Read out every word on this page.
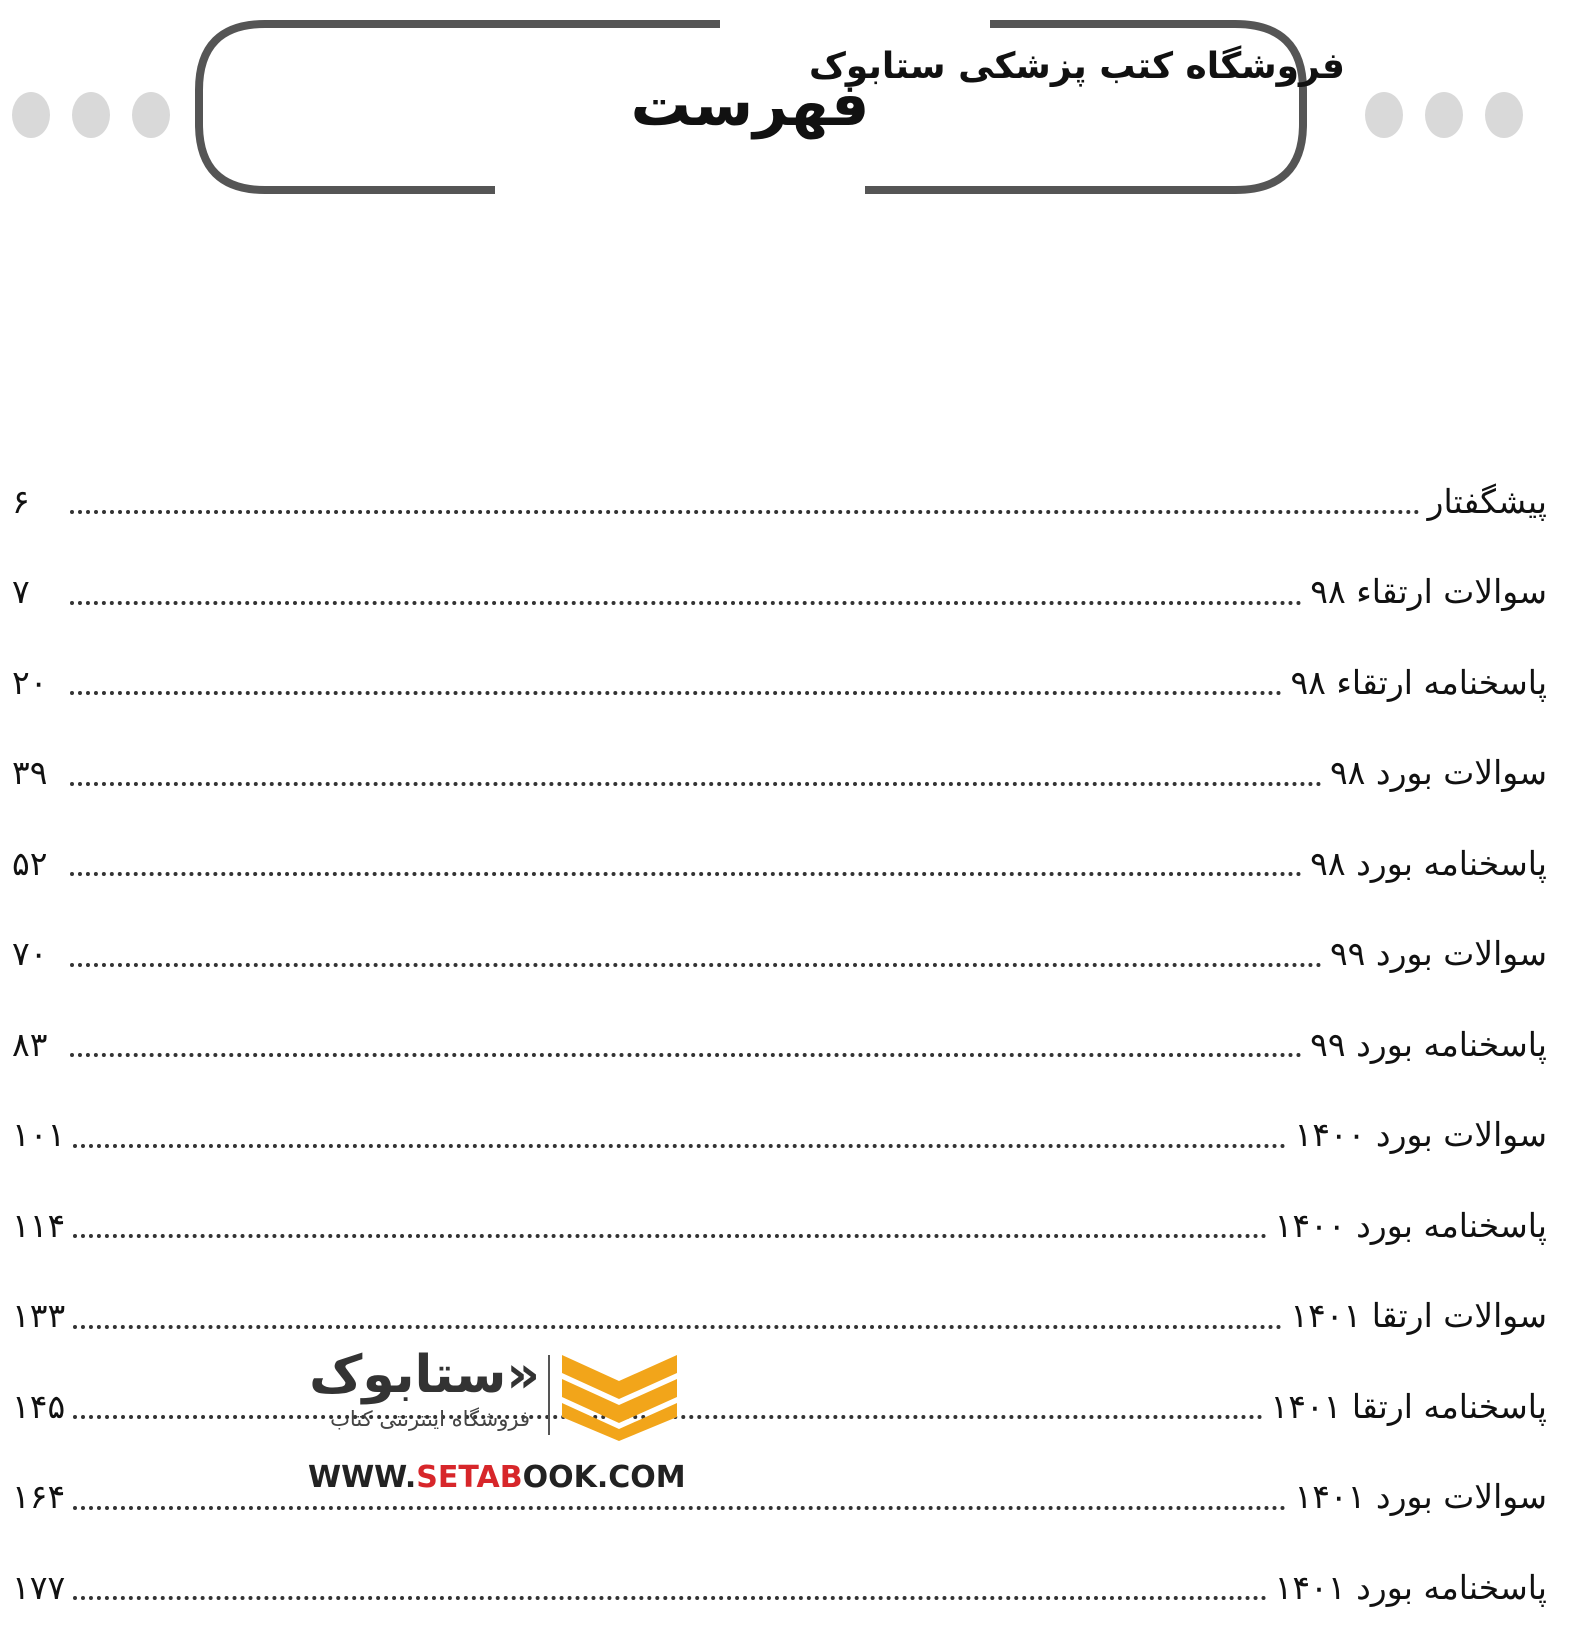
فروشگاه کتب پزشکی ستابوک
فهرست
پیشگفتار
۶
سوالات ارتقاء ۹۸
۷
پاسخنامه ارتقاء ۹۸
۲۰
سوالات بورد ۹۸
۳۹
پاسخنامه بورد ۹۸
۵۲
سوالات بورد ۹۹
۷۰
پاسخنامه بورد ۹۹
۸۳
سوالات بورد ۱۴۰۰
۱۰۱
پاسخنامه بورد ۱۴۰۰
۱۱۴
سوالات ارتقا ۱۴۰۱
۱۳۳
پاسخنامه ارتقا ۱۴۰۱
۱۴۵
سوالات بورد ۱۴۰۱
۱۶۴
پاسخنامه بورد ۱۴۰۱
۱۷۷
«ستابوک
فروشگاه اینترنتی کتاب
WWW.SETABOOK.COM
